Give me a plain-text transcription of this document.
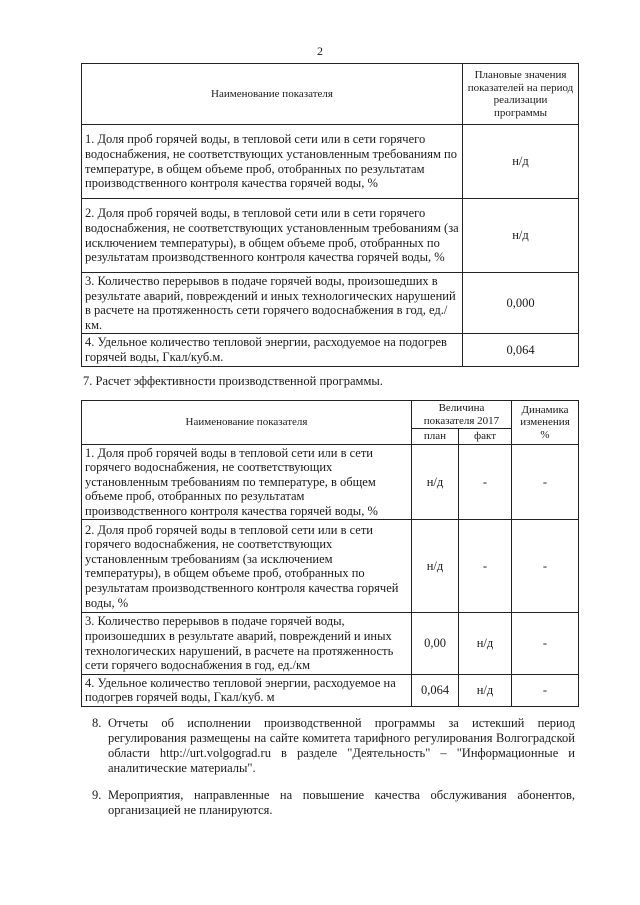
2
Наименование показателя	Плановые значения показателей на период реализации программы
1. Доля проб горячей воды, в тепловой сети или в сети горячего водоснабжения, не соответствующих установленным требованиям по температуре, в общем объеме проб, отобранных по результатам производственного контроля качества горячей воды, %	н/д
2. Доля проб горячей воды, в тепловой сети или в сети горячего водоснабжения, не соответствующих установленным требованиям (за исключением температуры), в общем объеме проб, отобранных по результатам производственного контроля качества горячей воды, %	н/д
3. Количество перерывов в подаче горячей воды, произошедших в результате аварий, повреждений и иных технологических нарушений в расчете на протяженность сети горячего водоснабжения в год, ед./км.	0,000
4. Удельное количество тепловой энергии, расходуемое на подогрев горячей воды, Гкал/куб.м.	0,064
7. Расчет эффективности производственной программы.
Наименование показателя	Величина показателя 2017		Динамика изменения %
	план	факт	
1. Доля проб горячей воды в тепловой сети или в сети горячего водоснабжения, не соответствующих установленным требованиям по температуре, в общем объеме проб, отобранных по результатам производственного контроля качества горячей воды, %	н/д	-	-
2. Доля проб горячей воды в тепловой сети или в сети горячего водоснабжения, не соответствующих установленным требованиям (за исключением температуры), в общем объеме проб, отобранных по результатам производственного контроля качества горячей воды, %	н/д	-	-
3. Количество перерывов в подаче горячей воды, произошедших в результате аварий, повреждений и иных технологических нарушений, в расчете на протяженность сети горячего водоснабжения в год, ед./км	0,00	н/д	-
4. Удельное количество тепловой энергии, расходуемое на подогрев горячей воды, Гкал/куб. м	0,064	н/д	-
8. Отчеты об исполнении производственной программы за истекший период регулирования размещены на сайте комитета тарифного регулирования Волгоградской области http://urt.volgograd.ru в разделе "Деятельность" – "Информационные и аналитические материалы".
9. Мероприятия, направленные на повышение качества обслуживания абонентов, организацией не планируются.
